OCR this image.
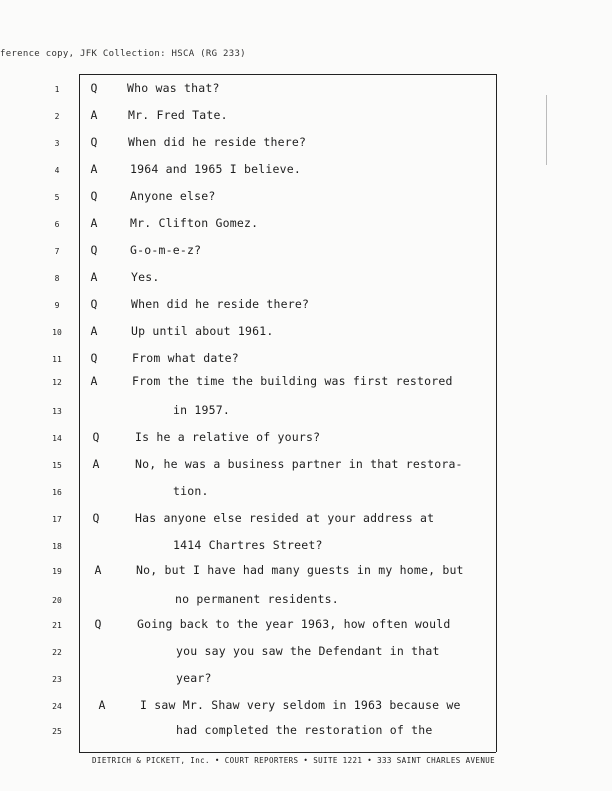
ference copy, JFK Collection: HSCA (RG 233)
1	Q	Who was that?
2	A	Mr. Fred Tate.
3	Q	When did he reside there?
4	A	1964 and 1965 I believe.
5	Q	Anyone else?
6	A	Mr. Clifton Gomez.
7	Q	G-o-m-e-z?
8	A	Yes.
9	Q	When did he reside there?
10	A	Up until about 1961.
11	Q	From what date?
12	A	From the time the building was first restored
13	in 1957.
14	Q	Is he a relative of yours?
15	A	No, he was a business partner in that restora-
16	tion.
17	Q	Has anyone else resided at your address at
18	1414 Chartres Street?
19	A	No, but I have had many guests in my home, but
20	no permanent residents.
21	Q	Going back to the year 1963, how often would
22	you say you saw the Defendant in that
23	year?
24	A	I saw Mr. Shaw very seldom in 1963 because we
25	had completed the restoration of the
DIETRICH & PICKETT, Inc. • COURT REPORTERS • SUITE 1221 • 333 SAINT CHARLES AVENUE
